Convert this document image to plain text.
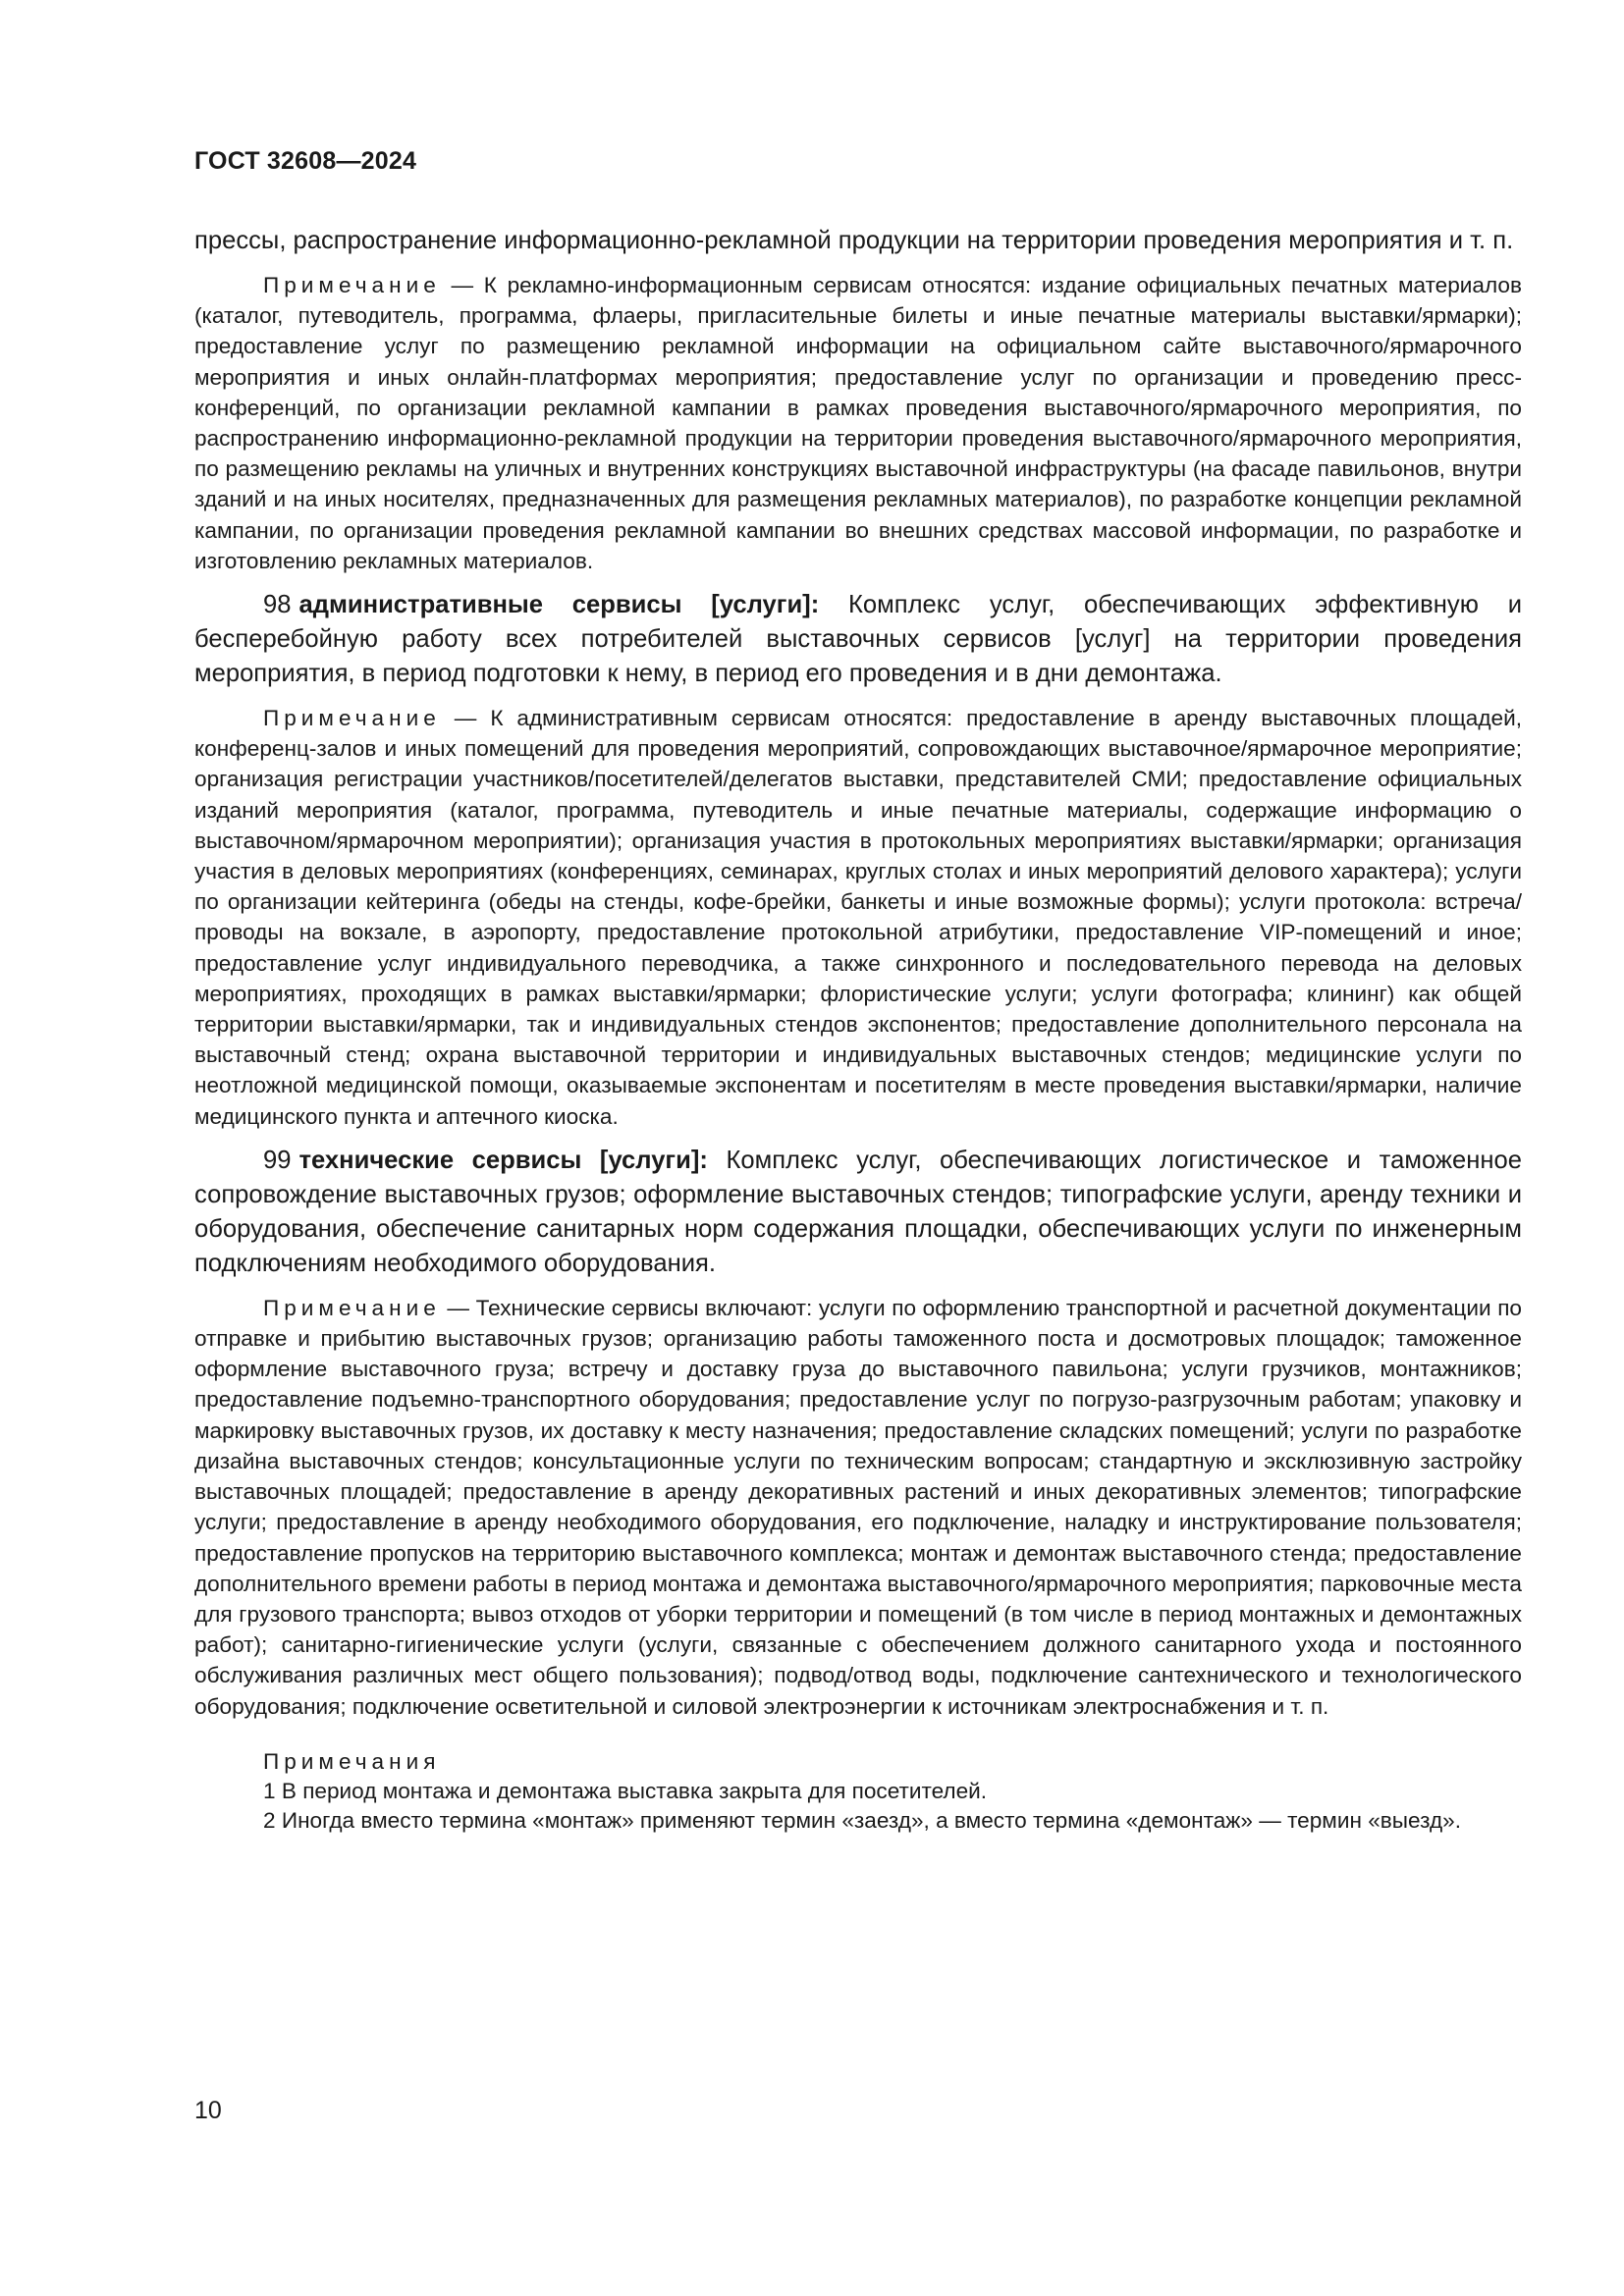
ГОСТ 32608—2024

прессы, распространение информационно-рекламной продукции на территории проведения мероприятия и т. п.

Примечание — К рекламно-информационным сервисам относятся: издание официальных печатных материалов (каталог, путеводитель, программа, флаеры, пригласительные билеты и иные печатные материалы выставки/ярмарки); предоставление услуг по размещению рекламной информации на официальном сайте выставочного/ярмарочного мероприятия и иных онлайн-платформах мероприятия; предоставление услуг по организации и проведению пресс-конференций, по организации рекламной кампании в рамках проведения выставочного/ярмарочного мероприятия, по распространению информационно-рекламной продукции на территории проведения выставочного/ярмарочного мероприятия, по размещению рекламы на уличных и внутренних конструкциях выставочной инфраструктуры (на фасаде павильонов, внутри зданий и на иных носителях, предназначенных для размещения рекламных материалов), по разработке концепции рекламной кампании, по организации проведения рекламной кампании во внешних средствах массовой информации, по разработке и изготовлению рекламных материалов.

98 административные сервисы [услуги]: Комплекс услуг, обеспечивающих эффективную и бесперебойную работу всех потребителей выставочных сервисов [услуг] на территории проведения мероприятия, в период подготовки к нему, в период его проведения и в дни демонтажа.

Примечание — К административным сервисам относятся: предоставление в аренду выставочных площадей, конференц-залов и иных помещений для проведения мероприятий, сопровождающих выставочное/ярмарочное мероприятие; организация регистрации участников/посетителей/делегатов выставки, представителей СМИ; предоставление официальных изданий мероприятия (каталог, программа, путеводитель и иные печатные материалы, содержащие информацию о выставочном/ярмарочном мероприятии); организация участия в протокольных мероприятиях выставки/ярмарки; организация участия в деловых мероприятиях (конференциях, семинарах, круглых столах и иных мероприятий делового характера); услуги по организации кейтеринга (обеды на стенды, кофе-брейки, банкеты и иные возможные формы); услуги протокола: встреча/проводы на вокзале, в аэропорту, предоставление протокольной атрибутики, предоставление VIP-помещений и иное; предоставление услуг индивидуального переводчика, а также синхронного и последовательного перевода на деловых мероприятиях, проходящих в рамках выставки/ярмарки; флористические услуги; услуги фотографа; клининг) как общей территории выставки/ярмарки, так и индивидуальных стендов экспонентов; предоставление дополнительного персонала на выставочный стенд; охрана выставочной территории и индивидуальных выставочных стендов; медицинские услуги по неотложной медицинской помощи, оказываемые экспонентам и посетителям в месте проведения выставки/ярмарки, наличие медицинского пункта и аптечного киоска.

99 технические сервисы [услуги]: Комплекс услуг, обеспечивающих логистическое и таможенное сопровождение выставочных грузов; оформление выставочных стендов; типографские услуги, аренду техники и оборудования, обеспечение санитарных норм содержания площадки, обеспечивающих услуги по инженерным подключениям необходимого оборудования.

Примечание — Технические сервисы включают: услуги по оформлению транспортной и расчетной документации по отправке и прибытию выставочных грузов; организацию работы таможенного поста и досмотровых площадок; таможенное оформление выставочного груза; встречу и доставку груза до выставочного павильона; услуги грузчиков, монтажников; предоставление подъемно-транспортного оборудования; предоставление услуг по погрузо-разгрузочным работам; упаковку и маркировку выставочных грузов, их доставку к месту назначения; предоставление складских помещений; услуги по разработке дизайна выставочных стендов; консультационные услуги по техническим вопросам; стандартную и эксклюзивную застройку выставочных площадей; предоставление в аренду декоративных растений и иных декоративных элементов; типографские услуги; предоставление в аренду необходимого оборудования, его подключение, наладку и инструктирование пользователя; предоставление пропусков на территорию выставочного комплекса; монтаж и демонтаж выставочного стенда; предоставление дополнительного времени работы в период монтажа и демонтажа выставочного/ярмарочного мероприятия; парковочные места для грузового транспорта; вывоз отходов от уборки территории и помещений (в том числе в период монтажных и демонтажных работ); санитарно-гигиенические услуги (услуги, связанные с обеспечением должного санитарного ухода и постоянного обслуживания различных мест общего пользования); подвод/отвод воды, подключение сантехнического и технологического оборудования; подключение осветительной и силовой электроэнергии к источникам электроснабжения и т. п.

Примечания
1 В период монтажа и демонтажа выставка закрыта для посетителей.
2 Иногда вместо термина «монтаж» применяют термин «заезд», а вместо термина «демонтаж» — термин «выезд».
10
